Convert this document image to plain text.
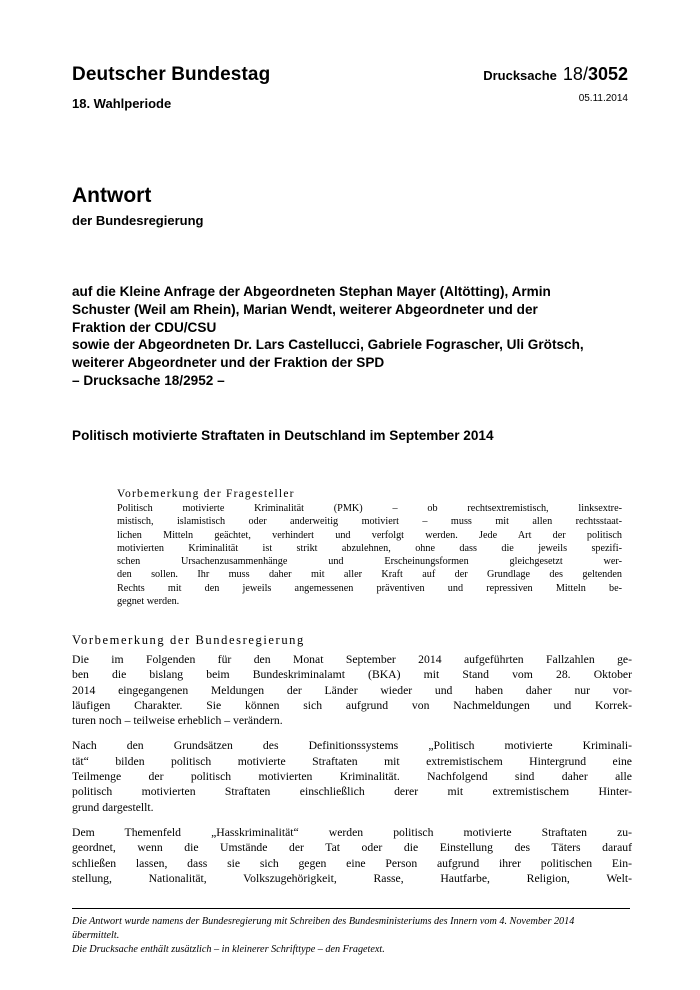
Deutscher Bundestag
18. Wahlperiode
Drucksache 18/3052
05.11.2014
Antwort
der Bundesregierung
auf die Kleine Anfrage der Abgeordneten Stephan Mayer (Altötting), Armin
Schuster (Weil am Rhein), Marian Wendt, weiterer Abgeordneter und der
Fraktion der CDU/CSU
sowie der Abgeordneten Dr. Lars Castellucci, Gabriele Fograscher, Uli Grötsch,
weiterer Abgeordneter und der Fraktion der SPD
– Drucksache 18/2952 –
Politisch motivierte Straftaten in Deutschland im September 2014
Vorbemerkung der Fragesteller
Politisch motivierte Kriminalität (PMK) – ob rechtsextremistisch, linksextre-
mistisch, islamistisch oder anderweitig motiviert – muss mit allen rechtsstaat-
lichen Mitteln geächtet, verhindert und verfolgt werden. Jede Art der politisch
motivierten Kriminalität ist strikt abzulehnen, ohne dass die jeweils spezifi-
schen Ursachenzusammenhänge und Erscheinungsformen gleichgesetzt wer-
den sollen. Ihr muss daher mit aller Kraft auf der Grundlage des geltenden
Rechts mit den jeweils angemessenen präventiven und repressiven Mitteln be-
gegnet werden.
Vorbemerkung der Bundesregierung
Die im Folgenden für den Monat September 2014 aufgeführten Fallzahlen ge-
ben die bislang beim Bundeskriminalamt (BKA) mit Stand vom 28. Oktober
2014 eingegangenen Meldungen der Länder wieder und haben daher nur vor-
läufigen Charakter. Sie können sich aufgrund von Nachmeldungen und Korrek-
turen noch – teilweise erheblich – verändern.
Nach den Grundsätzen des Definitionssystems „Politisch motivierte Kriminali-
tät“ bilden politisch motivierte Straftaten mit extremistischem Hintergrund eine
Teilmenge der politisch motivierten Kriminalität. Nachfolgend sind daher alle
politisch motivierten Straftaten einschließlich derer mit extremistischem Hinter-
grund dargestellt.
Dem Themenfeld „Hasskriminalität“ werden politisch motivierte Straftaten zu-
geordnet, wenn die Umstände der Tat oder die Einstellung des Täters darauf
schließen lassen, dass sie sich gegen eine Person aufgrund ihrer politischen Ein-
stellung, Nationalität, Volkszugehörigkeit, Rasse, Hautfarbe, Religion, Welt-
Die Antwort wurde namens der Bundesregierung mit Schreiben des Bundesministeriums des Innern vom 4. November 2014
übermittelt.
Die Drucksache enthält zusätzlich – in kleinerer Schrifttype – den Fragetext.
